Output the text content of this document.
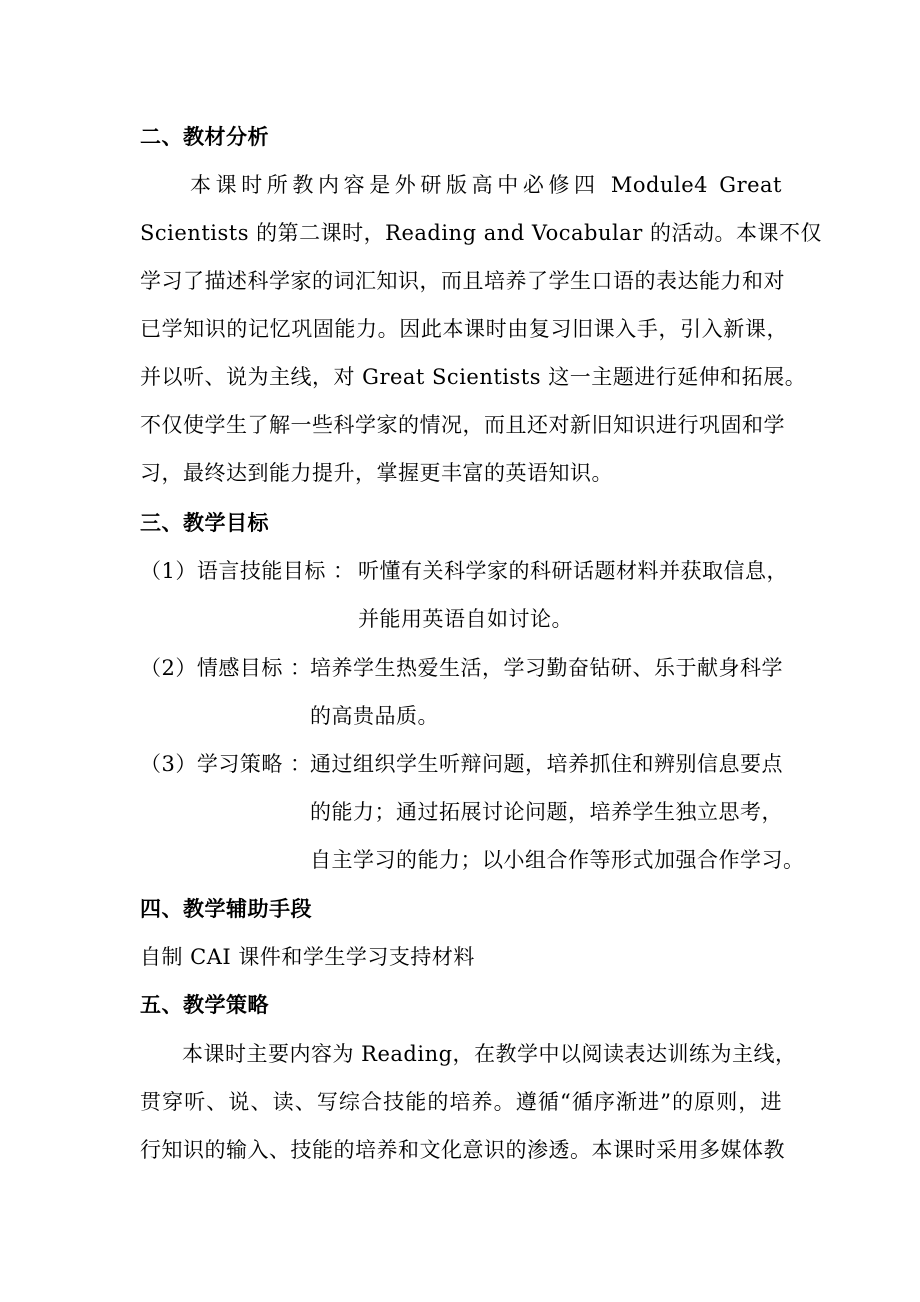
二、教材分析
本课时所教内容是外研版高中必修四 Module4 Great
Scientists 的第二课时，Reading and Vocabular 的活动。本课不仅
学习了描述科学家的词汇知识，而且培养了学生口语的表达能力和对
已学知识的记忆巩固能力。因此本课时由复习旧课入手，引入新课，
并以听、说为主线，对 Great Scientists 这一主题进行延伸和拓展。
不仅使学生了解一些科学家的情况，而且还对新旧知识进行巩固和学
习，最终达到能力提升，掌握更丰富的英语知识。
三、教学目标
（1）语言技能目标 ： 听懂有关科学家的科研话题材料并获取信息，
并能用英语自如讨论。
（2）情感目标 ：
培养学生热爱生活，学习勤奋钻研、乐于献身科学
的高贵品质。
（3）学习策略 ：
通过组织学生听辩问题，培养抓住和辨别信息要点
的能力；通过拓展讨论问题，培养学生独立思考，
自主学习的能力；以小组合作等形式加强合作学习。
四、教学辅助手段
自制 CAI 课件和学生学习支持材料
五、教学策略
本课时主要内容为 Reading，在教学中以阅读表达训练为主线，
贯穿听、说、读、写综合技能的培养。遵循“循序渐进”的原则，进
行知识的输入、技能的培养和文化意识的渗透。本课时采用多媒体教
